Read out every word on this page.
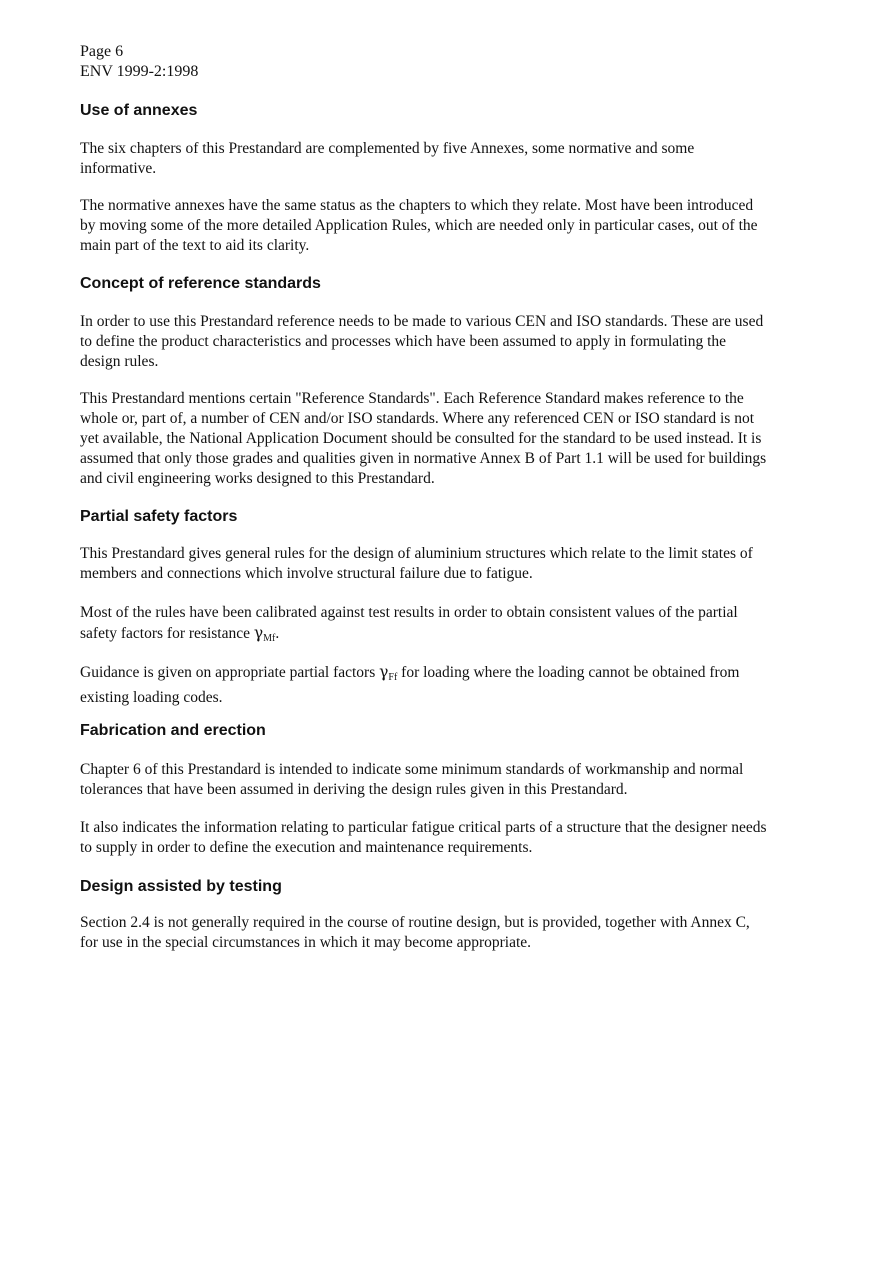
Page 6
ENV 1999-2:1998
Use of annexes

The six chapters of this Prestandard are complemented by five Annexes, some normative and some informative.

The normative annexes have the same status as the chapters to which they relate. Most have been introduced by moving some of the more detailed Application Rules, which are needed only in particular cases, out of the main part of the text to aid its clarity.

Concept of reference standards

In order to use this Prestandard reference needs to be made to various CEN and ISO standards. These are used to define the product characteristics and processes which have been assumed to apply in formulating the design rules.

This Prestandard mentions certain "Reference Standards". Each Reference Standard makes reference to the whole or, part of, a number of CEN and/or ISO standards. Where any referenced CEN or ISO standard is not yet available, the National Application Document should be consulted for the standard to be used instead. It is assumed that only those grades and qualities given in normative Annex B of Part 1.1 will be used for buildings and civil engineering works designed to this Prestandard.

Partial safety factors

This Prestandard gives general rules for the design of aluminium structures which relate to the limit states of members and connections which involve structural failure due to fatigue.

Most of the rules have been calibrated against test results in order to obtain consistent values of the partial safety factors for resistance $\gamma_{Mf}$.

Guidance is given on appropriate partial factors $\gamma_{Ff}$ for loading where the loading cannot be obtained from existing loading codes.

Fabrication and erection

Chapter 6 of this Prestandard is intended to indicate some minimum standards of workmanship and normal tolerances that have been assumed in deriving the design rules given in this Prestandard.

It also indicates the information relating to particular fatigue critical parts of a structure that the designer needs to supply in order to define the execution and maintenance requirements.

Design assisted by testing

Section 2.4 is not generally required in the course of routine design, but is provided, together with Annex C, for use in the special circumstances in which it may become appropriate.
